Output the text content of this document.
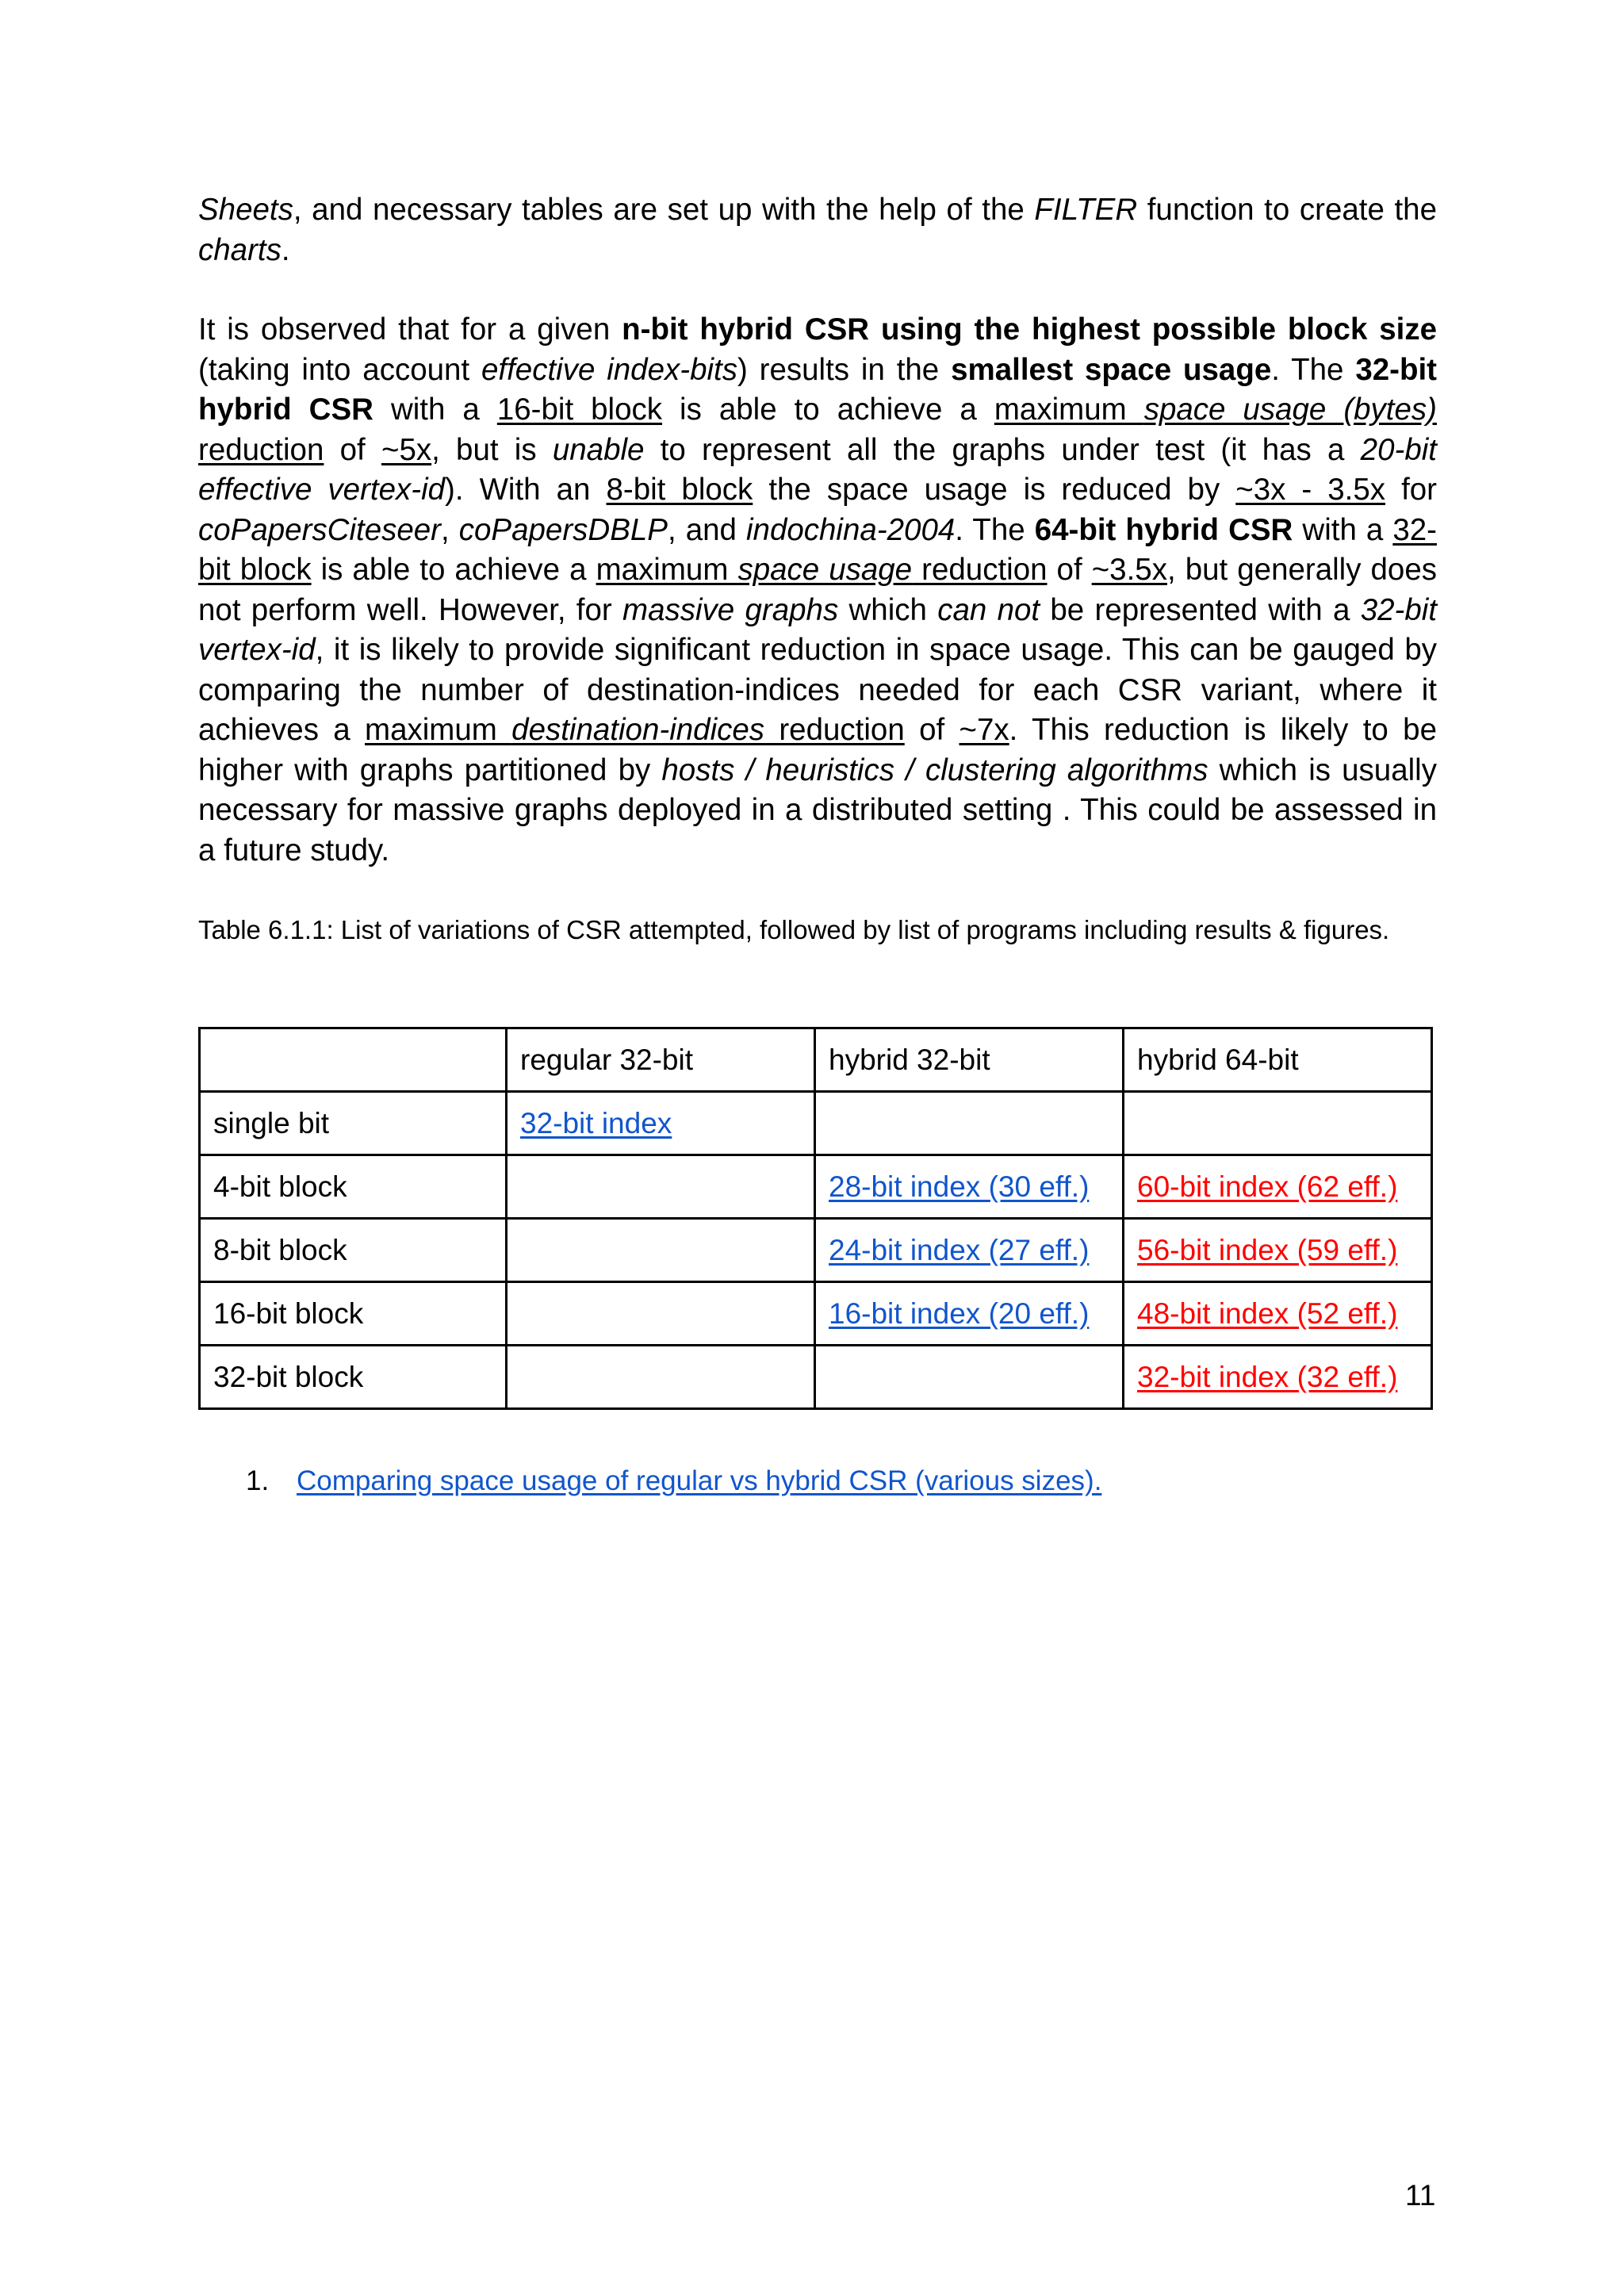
Sheets, and necessary tables are set up with the help of the FILTER function to create the charts.

It is observed that for a given n-bit hybrid CSR using the highest possible block size (taking into account effective index-bits) results in the smallest space usage. The 32-bit hybrid CSR with a 16-bit block is able to achieve a maximum space usage (bytes) reduction of ~5x, but is unable to represent all the graphs under test (it has a 20-bit effective vertex-id). With an 8-bit block the space usage is reduced by ~3x - 3.5x for coPapersCiteseer, coPapersDBLP, and indochina-2004. The 64-bit hybrid CSR with a 32-bit block is able to achieve a maximum space usage reduction of ~3.5x, but generally does not perform well. However, for massive graphs which can not be represented with a 32-bit vertex-id, it is likely to provide significant reduction in space usage. This can be gauged by comparing the number of destination-indices needed for each CSR variant, where it achieves a maximum destination-indices reduction of ~7x. This reduction is likely to be higher with graphs partitioned by hosts / heuristics / clustering algorithms which is usually necessary for massive graphs deployed in a distributed setting . This could be assessed in a future study.

Table 6.1.1: List of variations of CSR attempted, followed by list of programs including results & figures.

	regular 32-bit	hybrid 32-bit	hybrid 64-bit
single bit	32-bit index		
4-bit block		28-bit index (30 eff.)	60-bit index (62 eff.)
8-bit block		24-bit index (27 eff.)	56-bit index (59 eff.)
16-bit block		16-bit index (20 eff.)	48-bit index (52 eff.)
32-bit block			32-bit index (32 eff.)
1. Comparing space usage of regular vs hybrid CSR (various sizes).
11
